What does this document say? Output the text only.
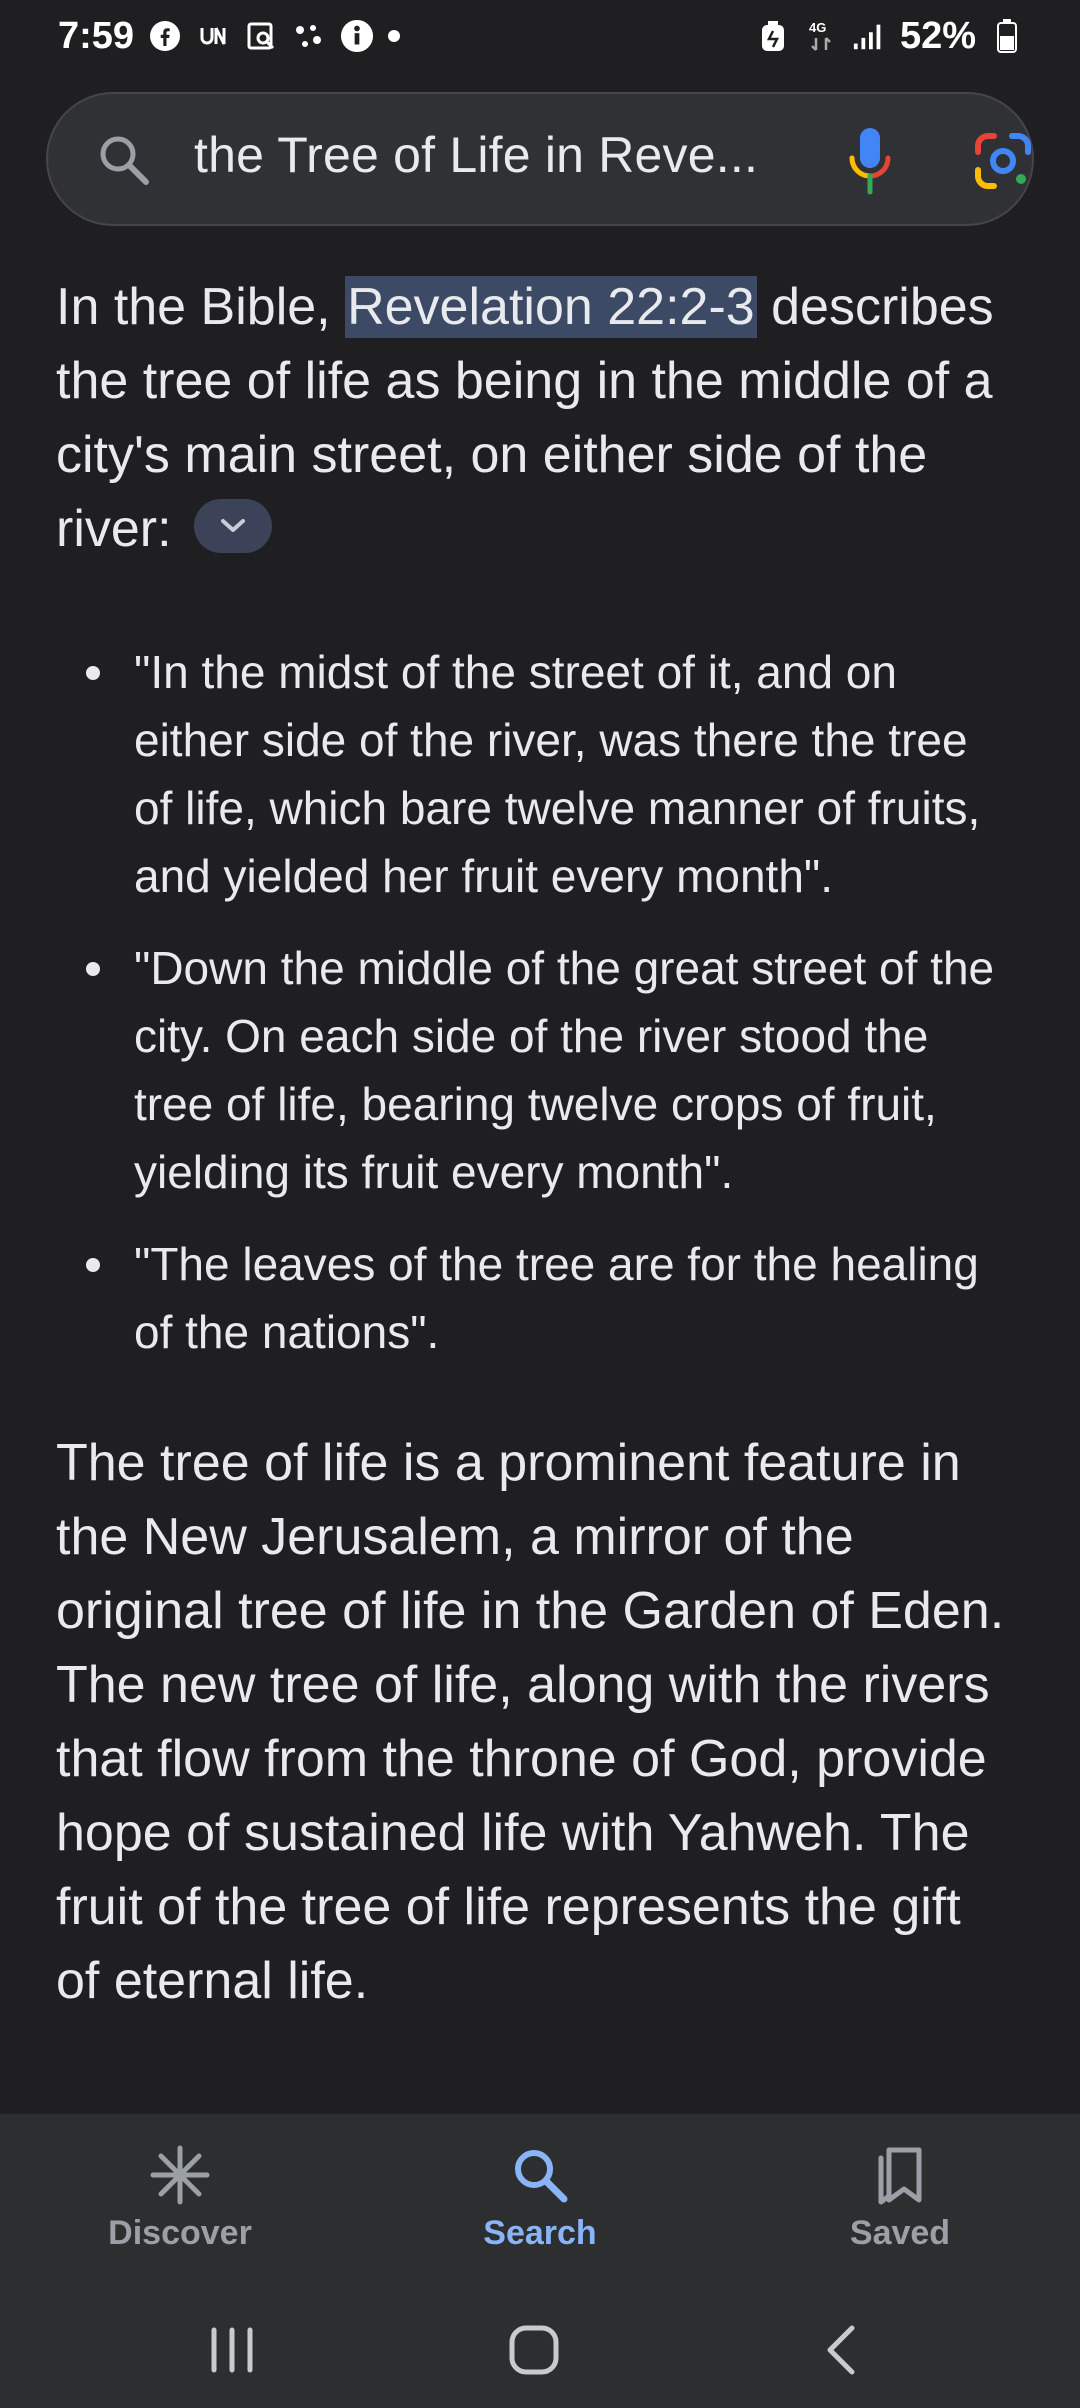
7:59	4G 52%
the Tree of Life in Reve...

In the Bible, Revelation 22:2-3 describes the tree of life as being in the middle of a city's main street, on either side of the river:

"In the midst of the street of it, and on either side of the river, was there the tree of life, which bare twelve manner of fruits, and yielded her fruit every month".
"Down the middle of the great street of the city. On each side of the river stood the tree of life, bearing twelve crops of fruit, yielding its fruit every month".
"The leaves of the tree are for the healing of the nations".

The tree of life is a prominent feature in the New Jerusalem, a mirror of the original tree of life in the Garden of Eden. The new tree of life, along with the rivers that flow from the throne of God, provide hope of sustained life with Yahweh. The fruit of the tree of life represents the gift of eternal life.

Discover	Search	Saved
